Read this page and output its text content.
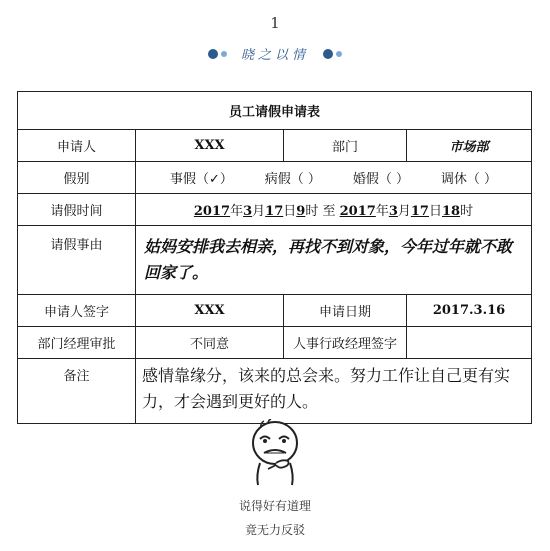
1
晓之以情
员工请假申请表			
申请人	XXX	部门	市场部
假别	事假（✓） 病假（ ） 婚假（ ） 调休（ ）		

请假时间	2017年3月17日9时 至 2017年3月17日18时		
请假事由	姑妈安排我去相亲，再找不到对象，今年过年就不敢回家了。		
申请人签字	XXX	申请日期	2017.3.16
部门经理审批	不同意	人事行政经理签字	
备注	感情靠缘分，该来的总会来。努力工作让自己更有实力，才会遇到更好的人。		
说得好有道理
竟无力反驳
